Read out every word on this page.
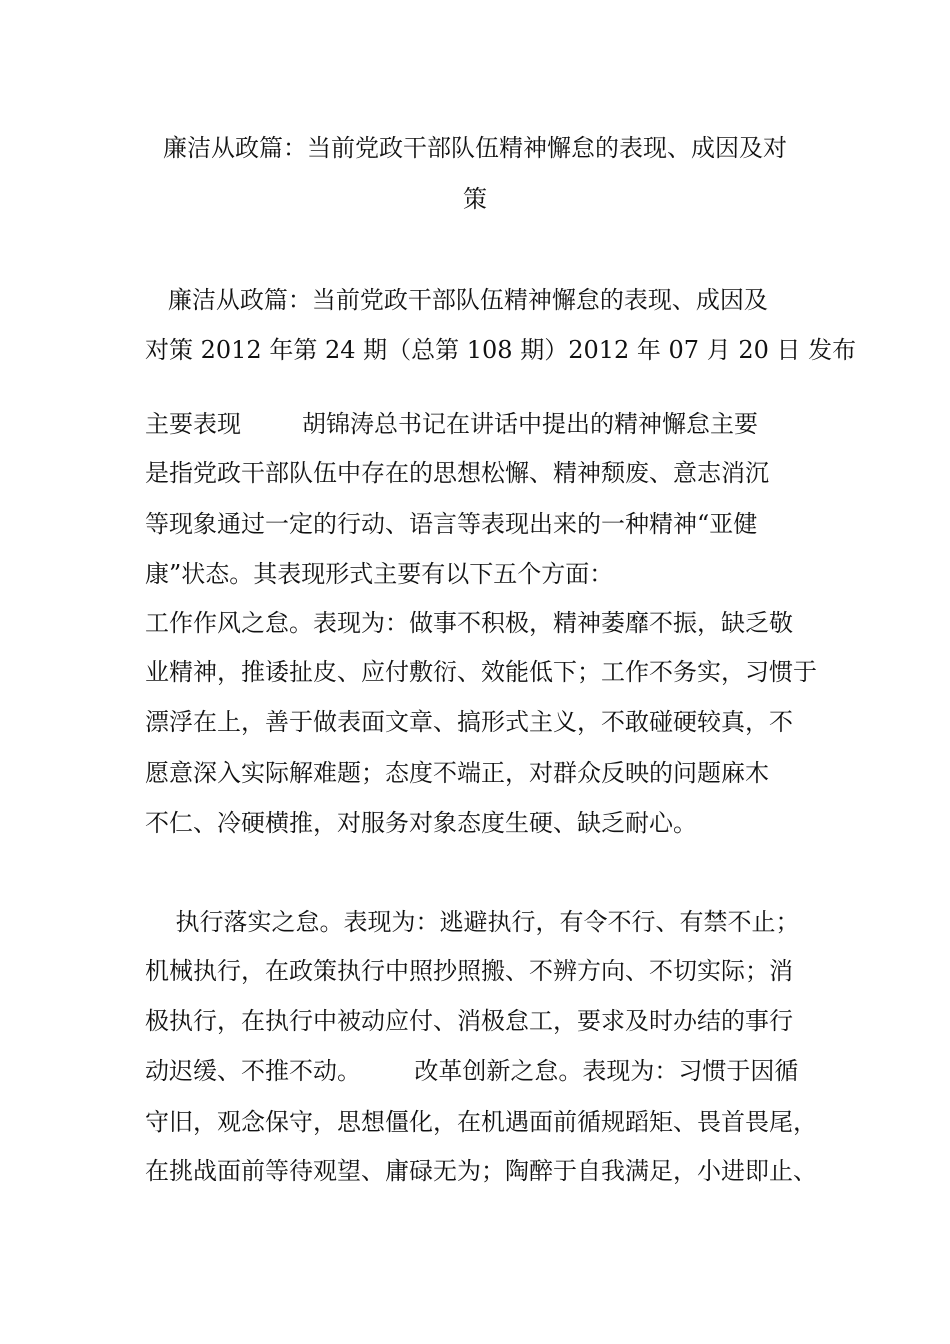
廉洁从政篇：当前党政干部队伍精神懈怠的表现、成因及对
策
廉洁从政篇：当前党政干部队伍精神懈怠的表现、成因及
对策 2012 年第 24 期（总第 108 期）2012 年 07 月 20 日 发布
主要表现        胡锦涛总书记在讲话中提出的精神懈怠主要
是指党政干部队伍中存在的思想松懈、精神颓废、意志消沉
等现象通过一定的行动、语言等表现出来的一种精神“亚健
康”状态。其表现形式主要有以下五个方面：
工作作风之怠。表现为：做事不积极，精神萎靡不振，缺乏敬
业精神，推诿扯皮、应付敷衍、效能低下；工作不务实，习惯于
漂浮在上，善于做表面文章、搞形式主义，不敢碰硬较真，不
愿意深入实际解难题；态度不端正，对群众反映的问题麻木
不仁、冷硬横推，对服务对象态度生硬、缺乏耐心。
执行落实之怠。表现为：逃避执行，有令不行、有禁不止；
机械执行，在政策执行中照抄照搬、不辨方向、不切实际；消
极执行，在执行中被动应付、消极怠工，要求及时办结的事行
动迟缓、不推不动。       改革创新之怠。表现为：习惯于因循
守旧，观念保守，思想僵化，在机遇面前循规蹈矩、畏首畏尾，
在挑战面前等待观望、庸碌无为；陶醉于自我满足，小进即止、
